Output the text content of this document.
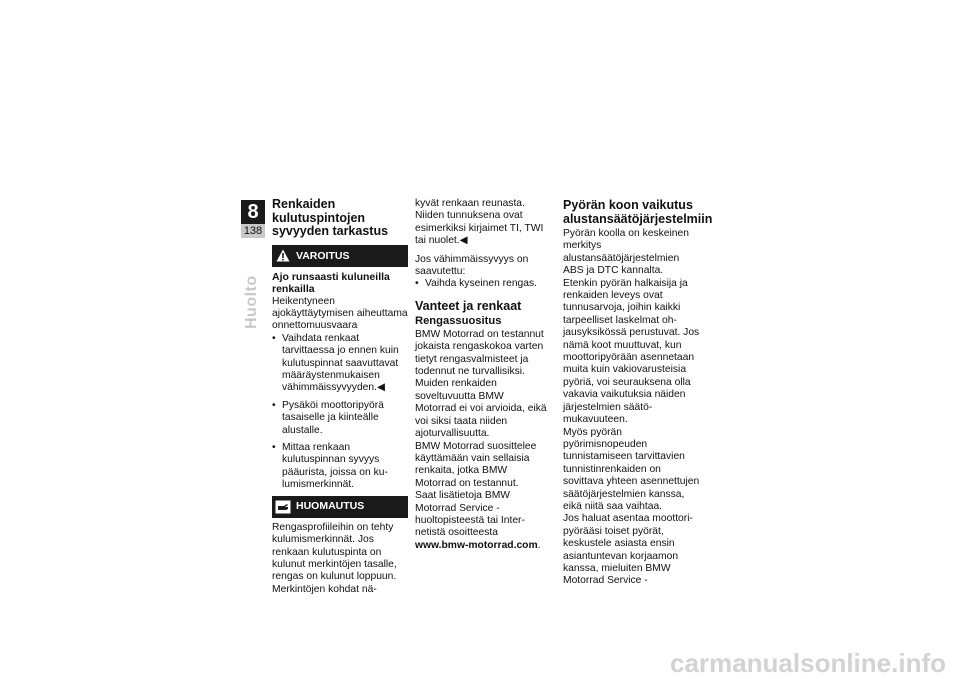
8
138
Huolto
Renkaiden kulutuspintojen syvyyden tarkastus
VAROITUS
Ajo runsaasti kuluneilla renkailla

Heikentyneen ajokäyttäytymisen aiheuttama onnettomuusvaara

• Vaihdata renkaat tarvittaessa jo ennen kuin kulutuspinnat saavuttavat määräystenmukaisen vähimmäissyvyyden.◀
• Pysäköi moottoripyörä tasaiselle ja kiinteälle alustalle.
• Mittaa renkaan kulutuspinnan syvyys pääurista, joissa on kulumismerkinnät.
HUOMAUTUS

Rengasprofiileihin on tehty kulumismerkinnät. Jos renkaan kulutuspinta on kulunut merkintöjen tasalle, rengas on kulunut loppuun. Merkintöjen kohdat nä-

kyvät renkaan reunasta. Niiden tunnuksena ovat esimerkiksi kirjaimet TI, TWI tai nuolet.◀

Jos vähimmäissyvyys on saavutettu:

• Vaihda kyseinen rengas.
Vanteet ja renkaat
Rengassuositus

BMW Motorrad on testannut jokaista rengaskokoa varten tietyt rengasvalmisteet ja todennut ne turvallisiksi. Muiden renkaiden soveltuvuutta BMW Motorrad ei voi arvioida, eikä voi siksi taata niiden ajoturvallisuutta.

BMW Motorrad suosittelee käyttämään vain sellaisia renkaita, jotka BMW Motorrad on testannut.

Saat lisätietoja BMW Motorrad Service -huoltopisteestä tai Internetistä osoitteesta www.bmw-motorrad.com.

Pyörän koon vaikutus alustansäätöjärjestelmiin

Pyörän koolla on keskeinen merkitys alustansäätöjärjestelmien ABS ja DTC kannalta. Etenkin pyörän halkaisija ja renkaiden leveys ovat tunnusarvoja, joihin kaikki tarpeelliset laskelmat ohjausyksikössä perustuvat. Jos nämä koot muuttuvat, kun moottoripyörään asennetaan muita kuin vakiovarusteisia pyöriä, voi seurauksena olla vakavia vaikutuksia näiden järjestelmien säätömukavuuteen.

Myös pyörän pyörimisnopeuden tunnistamiseen tarvittavien tunnistinrenkaiden on sovittava yhteen asennettujen säätöjärjestelmien kanssa, eikä niitä saa vaihtaa.

Jos haluat asentaa moottoripyörääsi toiset pyörät, keskustele asiasta ensin asiantuntevan korjaamon kanssa, mieluiten BMW Motorrad Service -

carmanualsonline.info
